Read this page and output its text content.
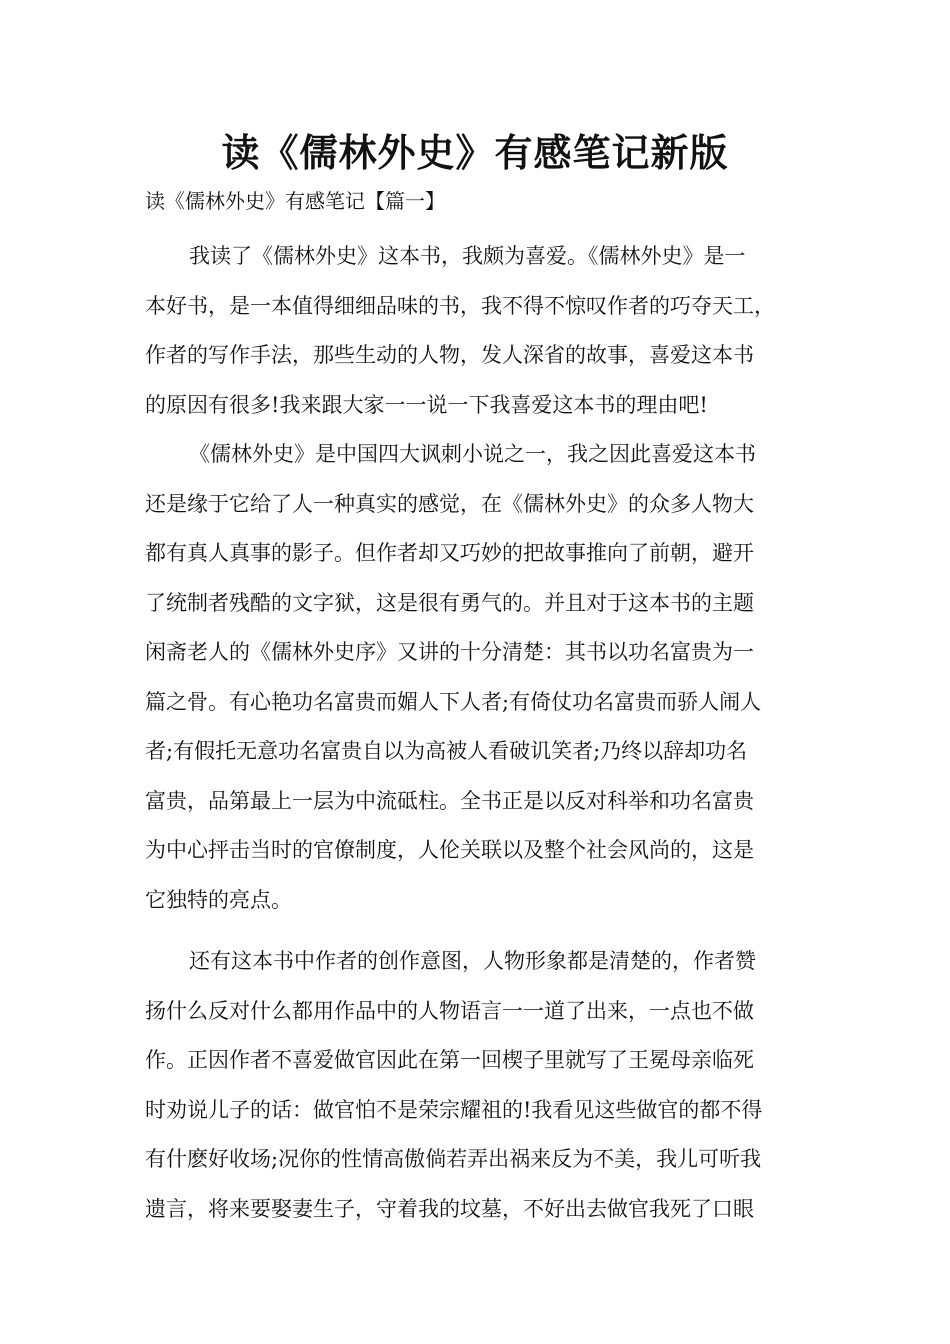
读《儒林外史》有感笔记新版

读《儒林外史》有感笔记【篇一】

我读了《儒林外史》这本书，我颇为喜爱。《儒林外史》是一
本好书，是一本值得细细品味的书，我不得不惊叹作者的巧夺天工，
作者的写作手法，那些生动的人物，发人深省的故事，喜爱这本书
的原因有很多!我来跟大家一一说一下我喜爱这本书的理由吧!

《儒林外史》是中国四大讽刺小说之一，我之因此喜爱这本书
还是缘于它给了人一种真实的感觉，在《儒林外史》的众多人物大
都有真人真事的影子。但作者却又巧妙的把故事推向了前朝，避开
了统制者残酷的文字狱，这是很有勇气的。并且对于这本书的主题
闲斋老人的《儒林外史序》又讲的十分清楚：其书以功名富贵为一
篇之骨。有心艳功名富贵而媚人下人者;有倚仗功名富贵而骄人闹人
者;有假托无意功名富贵自以为高被人看破讥笑者;乃终以辞却功名
富贵，品第最上一层为中流砥柱。全书正是以反对科举和功名富贵
为中心抨击当时的官僚制度，人伦关联以及整个社会风尚的，这是
它独特的亮点。

还有这本书中作者的创作意图，人物形象都是清楚的，作者赞
扬什么反对什么都用作品中的人物语言一一道了出来，一点也不做
作。正因作者不喜爱做官因此在第一回楔子里就写了王冕母亲临死
时劝说儿子的话：做官怕不是荣宗耀祖的!我看见这些做官的都不得
有什麽好收场;况你的性情高傲倘若弄出祸来反为不美，我儿可听我
遗言，将来要娶妻生子，守着我的坟墓，不好出去做官我死了口眼
